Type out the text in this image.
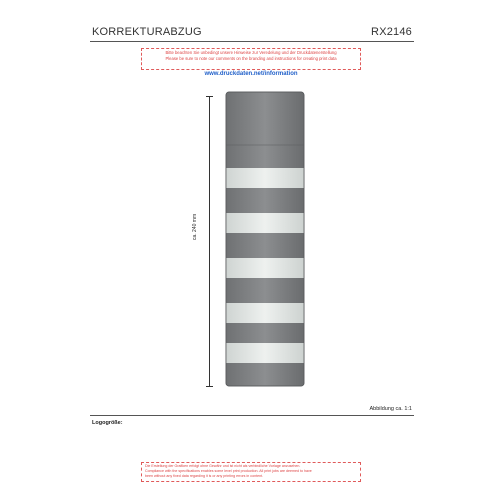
KORREKTURABZUG	RX2146
Bitte beachten Sie unbedingt unsere Hinweise zur Veredelung und der Druckdatenerstellung
Please be sure to note our comments on the branding and instructions for creating print data
www.druckdaten.net/information
ca. 240 mm
Abbildung ca. 1:1
Logogröße:
Die Erstellung der Grafiken erfolgt ohne Gewähr und ist nicht als verbindliche Vorlage anzusehen.
Compliance with the specifications enables some level print production. All print jobs are deemed to have
been without any fixed data regarding it is or any printing errors in content.
